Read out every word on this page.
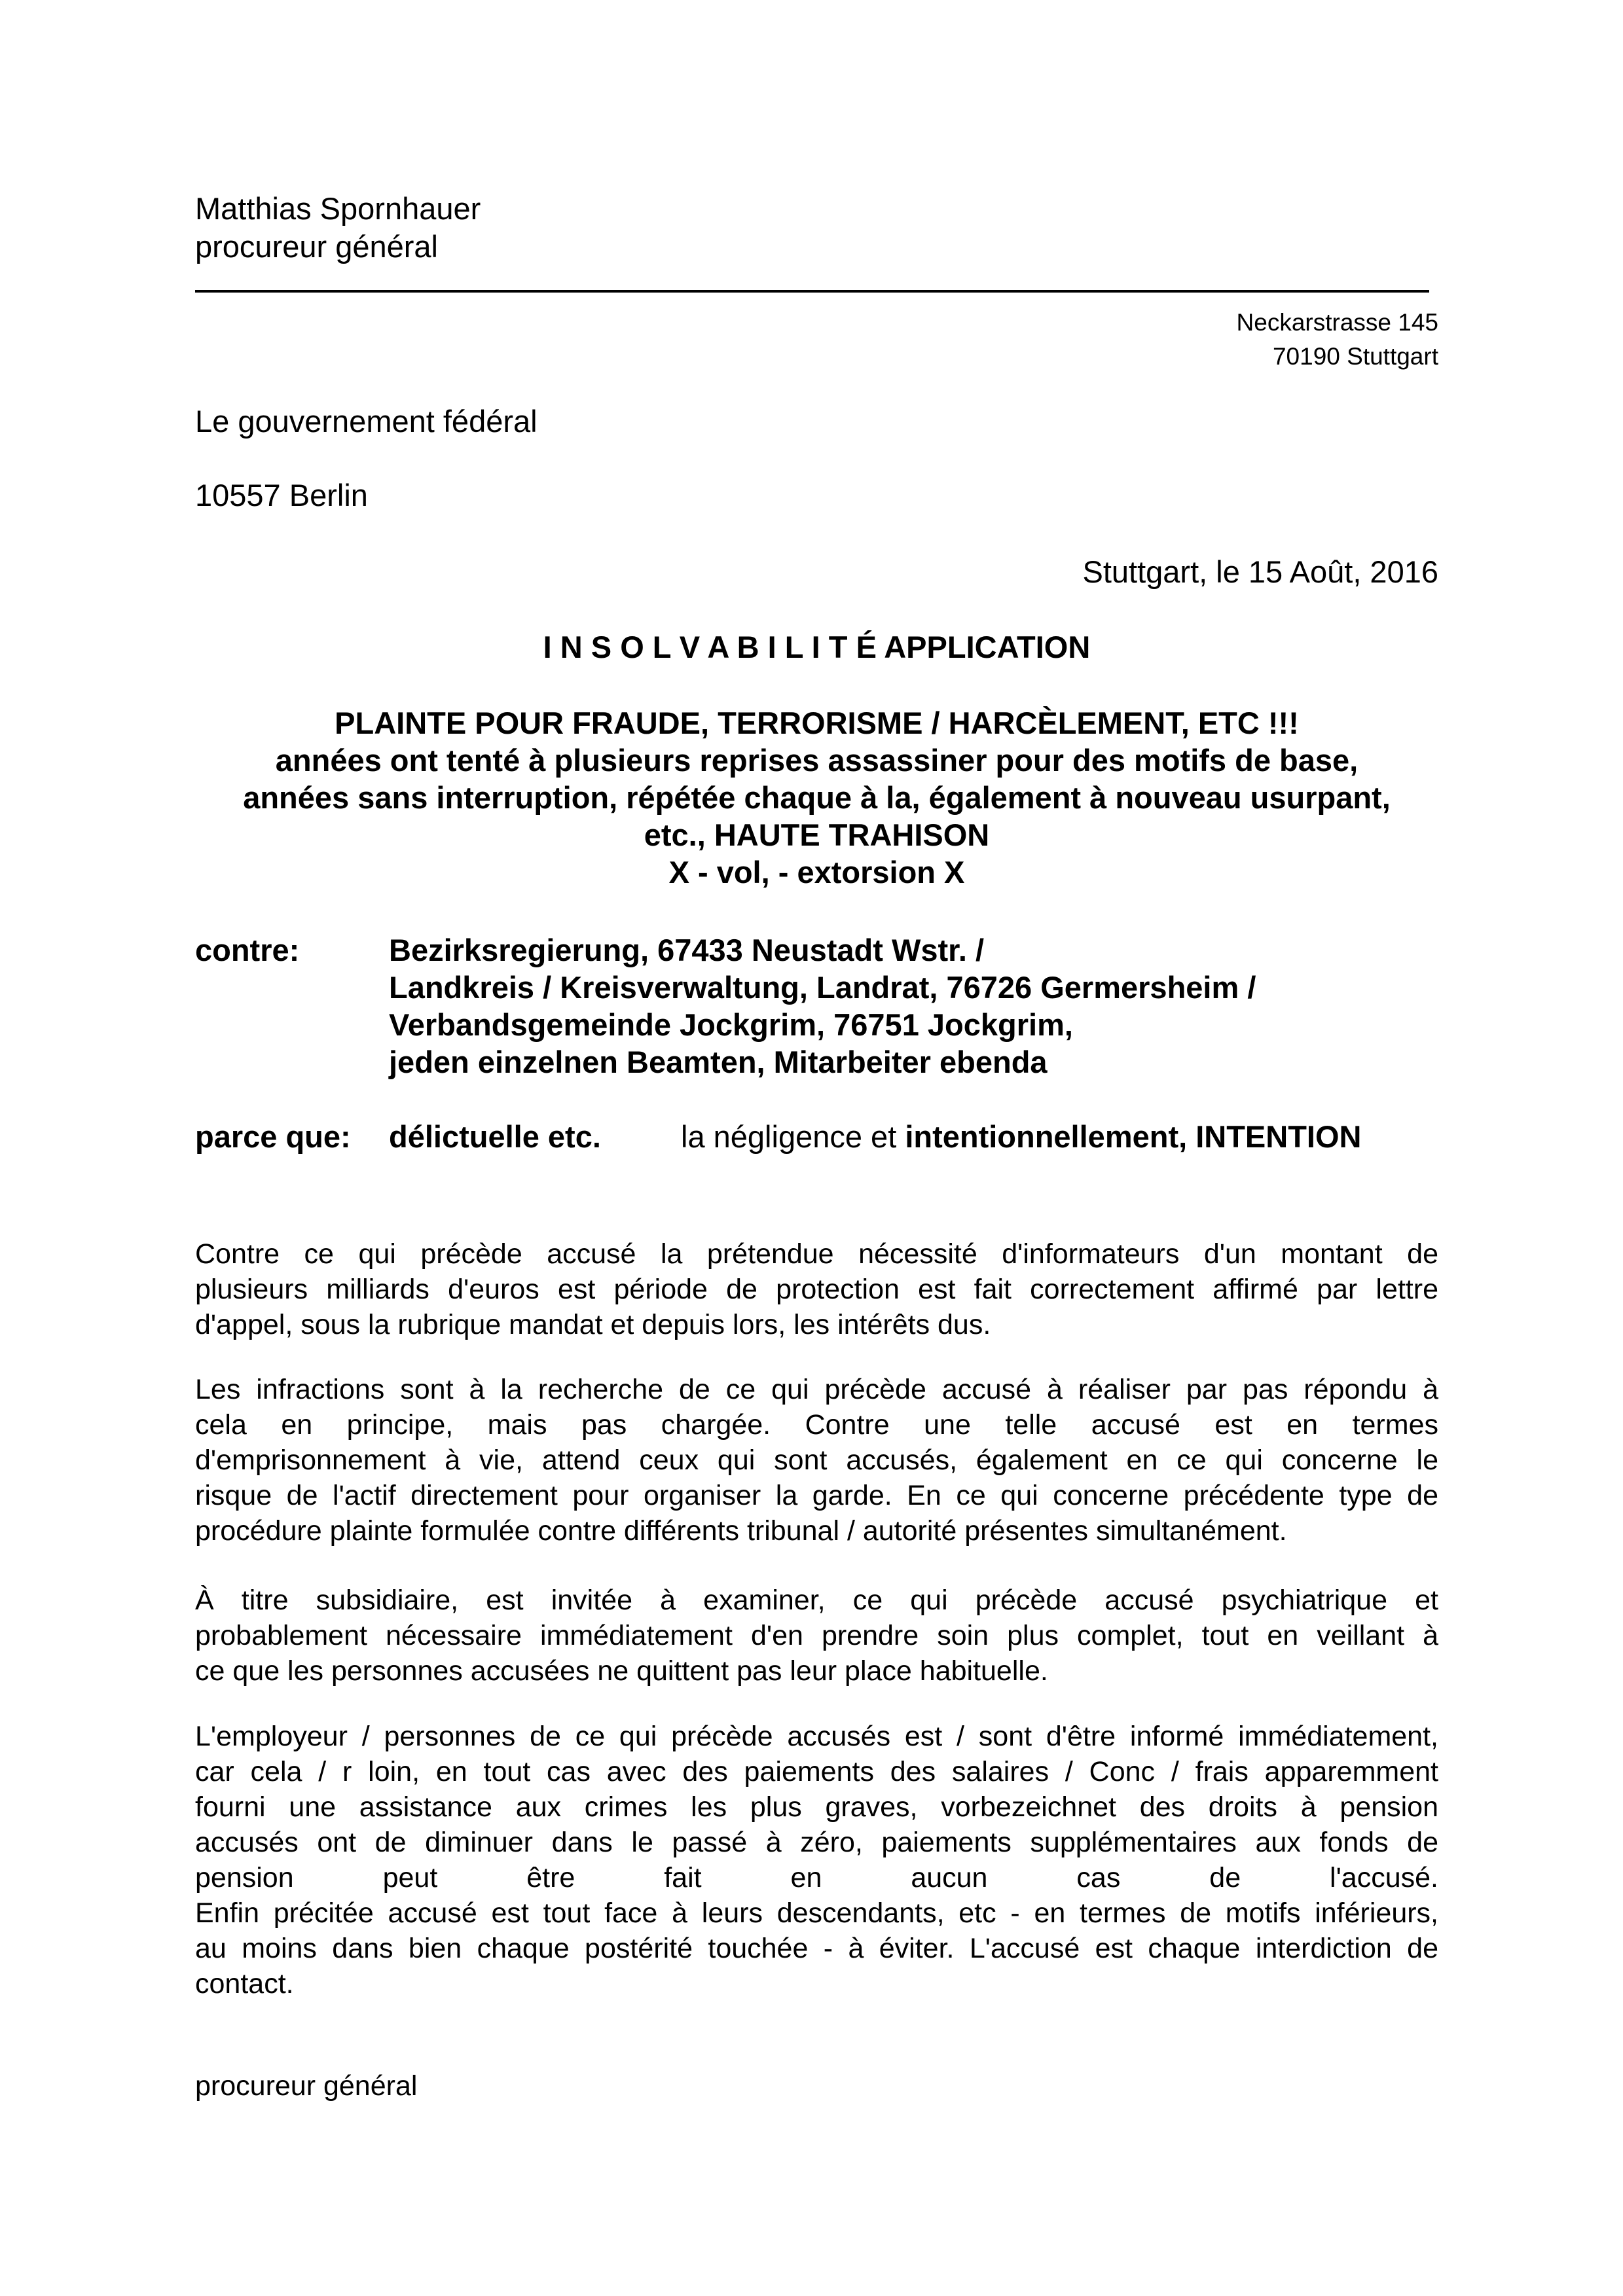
Matthias Spornhauer
procureur général
Neckarstrasse 145
70190 Stuttgart
Le gouvernement fédéral
10557 Berlin
Stuttgart, le 15 Août, 2016
I N S O L V A B I L I T É APPLICATION
PLAINTE POUR FRAUDE, TERRORISME / HARCÈLEMENT, ETC !!!
années ont tenté à plusieurs reprises assassiner pour des motifs de base,
années sans interruption, répétée chaque à la, également à nouveau usurpant,
etc., HAUTE TRAHISON
X - vol, - extorsion X
contre:	Bezirksregierung, 67433 Neustadt Wstr. /
Landkreis / Kreisverwaltung, Landrat, 76726 Germersheim /
Verbandsgemeinde Jockgrim, 76751 Jockgrim,
jeden einzelnen Beamten, Mitarbeiter ebenda
parce que: délictuelle etc.	la négligence et intentionnellement, INTENTION
Contre ce qui précède accusé la prétendue nécessité d'informateurs d'un montant de
plusieurs milliards d'euros est période de protection est fait correctement affirmé par lettre
d'appel, sous la rubrique mandat et depuis lors, les intérêts dus.
Les infractions sont à la recherche de ce qui précède accusé à réaliser par pas répondu à
cela en principe, mais pas chargée. Contre une telle accusé est en termes
d'emprisonnement à vie, attend ceux qui sont accusés, également en ce qui concerne le
risque de l'actif directement pour organiser la garde. En ce qui concerne précédente type de
procédure plainte formulée contre différents tribunal / autorité présentes simultanément.
À titre subsidiaire, est invitée à examiner, ce qui précède accusé psychiatrique et
probablement nécessaire immédiatement d'en prendre soin plus complet, tout en veillant à
ce que les personnes accusées ne quittent pas leur place habituelle.
L'employeur / personnes de ce qui précède accusés est / sont d'être informé immédiatement,
car cela / r loin, en tout cas avec des paiements des salaires / Conc / frais apparemment
fourni une assistance aux crimes les plus graves, vorbezeichnet des droits à pension
accusés ont de diminuer dans le passé à zéro, paiements supplémentaires aux fonds de
pension peut être fait en aucun cas de l'accusé.
Enfin précitée accusé est tout face à leurs descendants, etc - en termes de motifs inférieurs,
au moins dans bien chaque postérité touchée - à éviter. L'accusé est chaque interdiction de
contact.
procureur général
